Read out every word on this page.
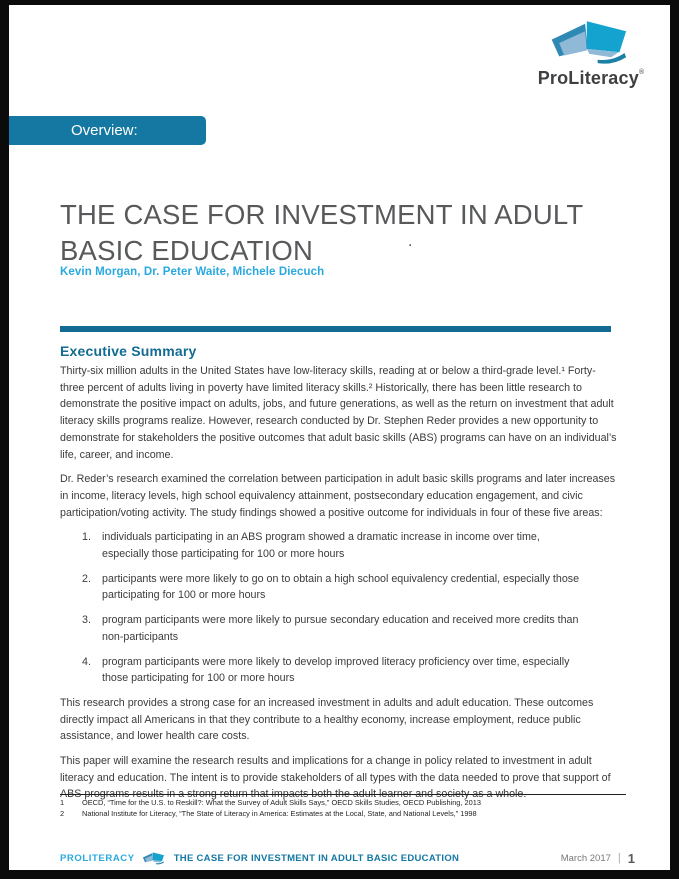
ProLiteracy®
Overview:
THE CASE FOR INVESTMENT IN ADULT
BASIC EDUCATION	.
Kevin Morgan, Dr. Peter Waite, Michele Diecuch
Executive Summary

Thirty-six million adults in the United States have low-literacy skills, reading at or below a third-grade level.¹ Forty-three percent of adults living in poverty have limited literacy skills.² Historically, there has been little research to demonstrate the positive impact on adults, jobs, and future generations, as well as the return on investment that adult literacy skills programs realize. However, research conducted by Dr. Stephen Reder provides a new opportunity to demonstrate for stakeholders the positive outcomes that adult basic skills (ABS) programs can have on an individual’s life, career, and income.

Dr. Reder’s research examined the correlation between participation in adult basic skills programs and later increases in income, literacy levels, high school equivalency attainment, postsecondary education engagement, and civic participation/voting activity. The study findings showed a positive outcome for individuals in four of these five areas:

1.	individuals participating in an ABS program showed a dramatic increase in income over time, especially those participating for 100 or more hours
2.	participants were more likely to go on to obtain a high school equivalency credential, especially those participating for 100 or more hours
3.	program participants were more likely to pursue secondary education and received more credits than non-participants
4.	program participants were more likely to develop improved literacy proficiency over time, especially those participating for 100 or more hours

This research provides a strong case for an increased investment in adults and adult education. These outcomes directly impact all Americans in that they contribute to a healthy economy, increase employment, reduce public assistance, and lower health care costs.

This paper will examine the research results and implications for a change in policy related to investment in adult literacy and education. The intent is to provide stakeholders of all types with the data needed to prove that support of ABS programs results in a strong return that impacts both the adult learner and society as a whole.

1	OECD, “Time for the U.S. to Reskill?: What the Survey of Adult Skills Says,” OECD Skills Studies, OECD Publishing, 2013
2	National Institute for Literacy, “The State of Literacy in America: Estimates at the Local, State, and National Levels,” 1998
PROLITERACY	THE CASE FOR INVESTMENT IN ADULT BASIC EDUCATION	March 2017 | 1
